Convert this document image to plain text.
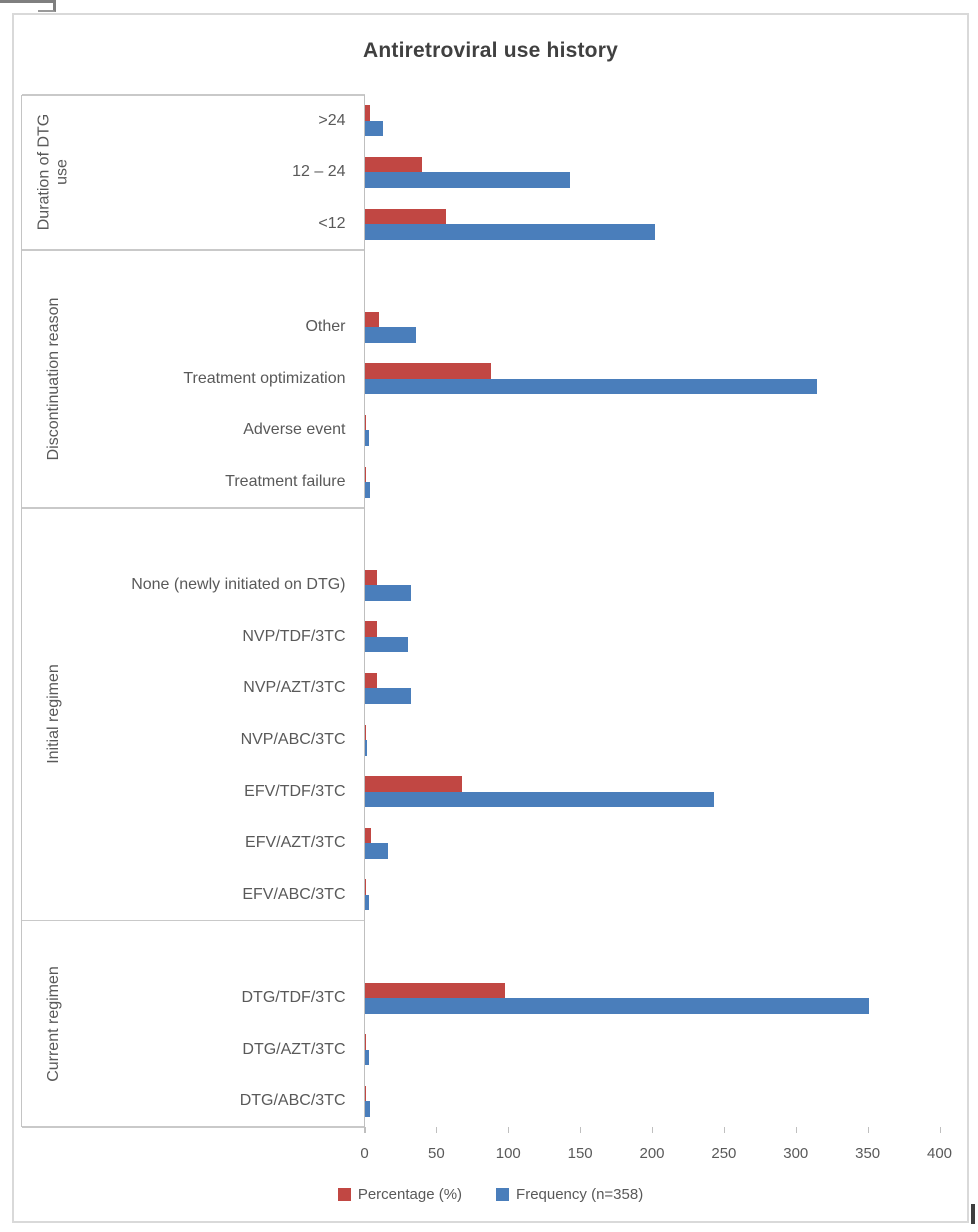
Antiretroviral use history
>24
12 – 24
<12
Duration of DTG use
Other
Treatment optimization
Adverse event
Treatment failure
Discontinuation reason
None (newly initiated on DTG)
NVP/TDF/3TC
NVP/AZT/3TC
NVP/ABC/3TC
EFV/TDF/3TC
EFV/AZT/3TC
EFV/ABC/3TC
Initial regimen
DTG/TDF/3TC
DTG/AZT/3TC
DTG/ABC/3TC
Current regimen
0	50	100	150	200	250	300	350	400
Percentage (%)	Frequency (n=358)
